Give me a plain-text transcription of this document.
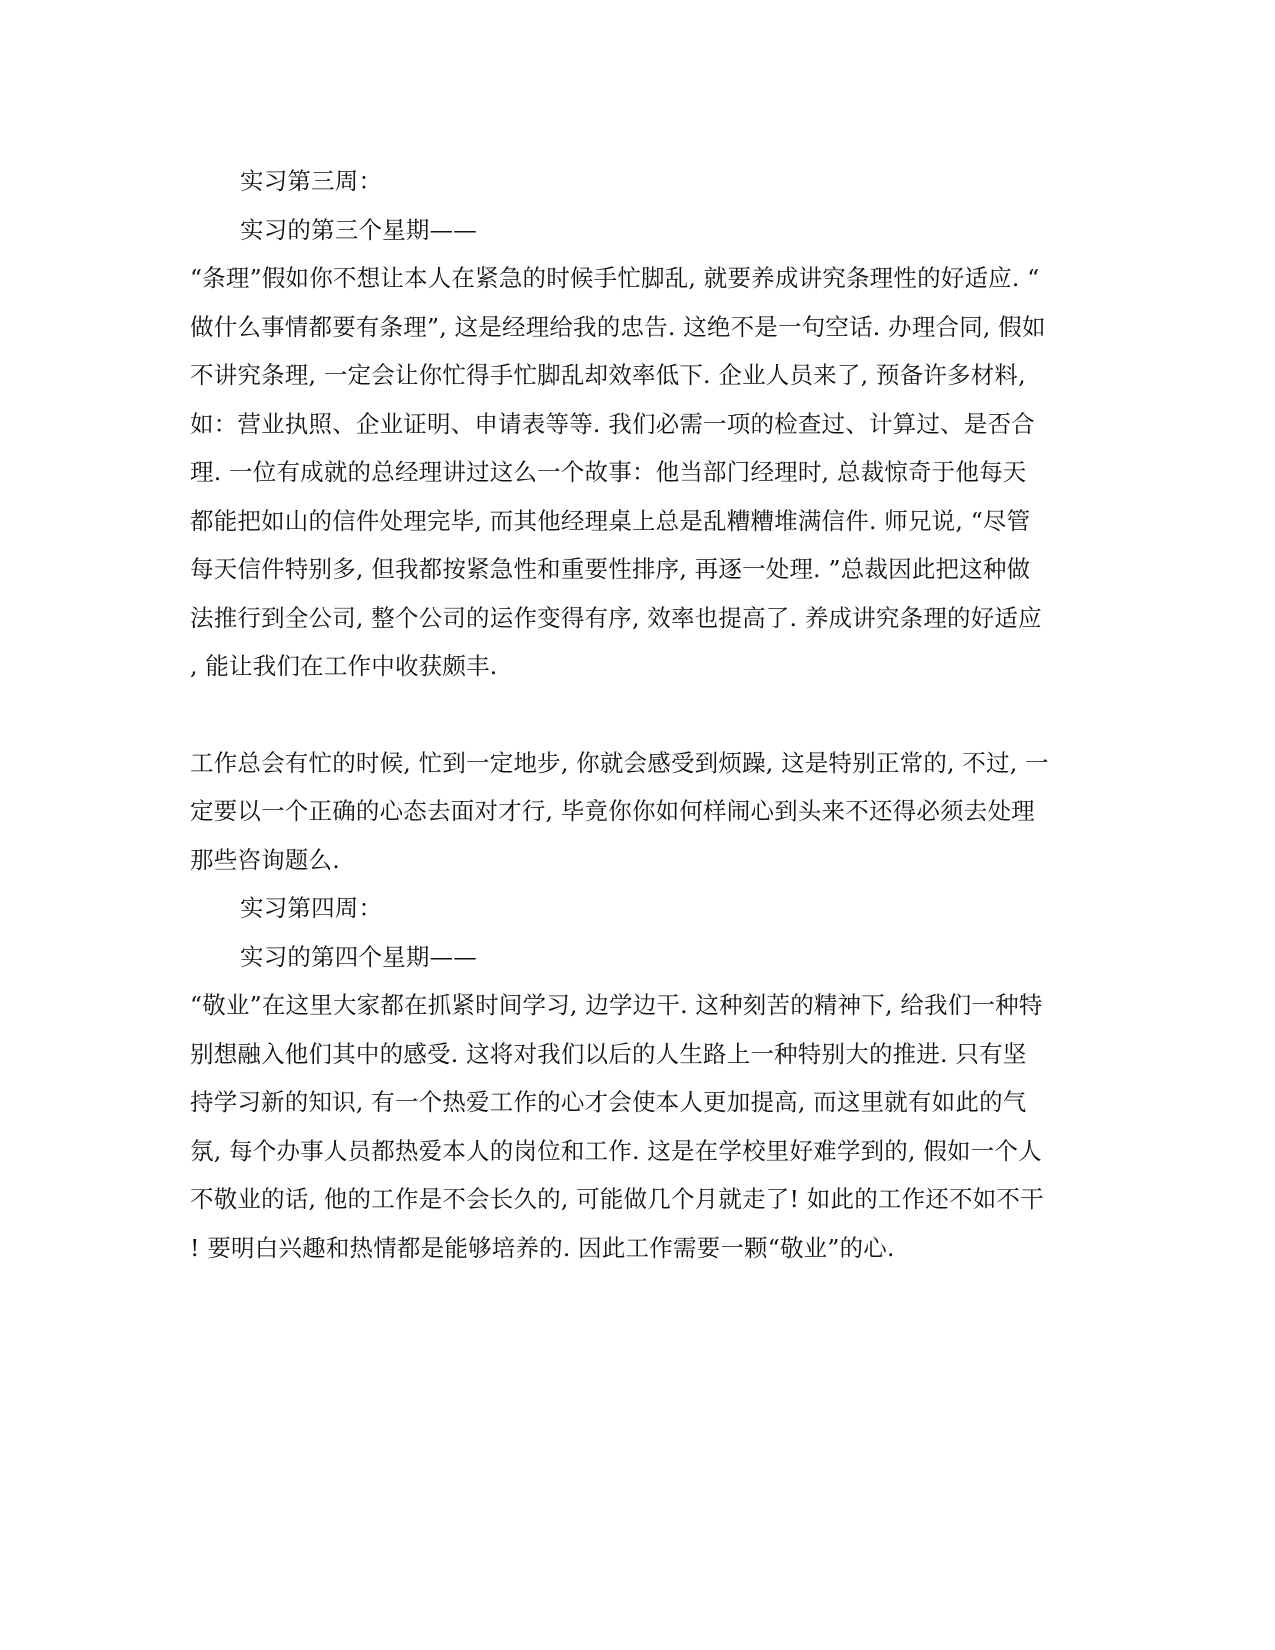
实习第三周：
实习的第三个星期——
“条理”假如你不想让本人在紧急的时候手忙脚乱, 就要养成讲究条理性的好适应. “
做什么事情都要有条理”, 这是经理给我的忠告. 这绝不是一句空话. 办理合同, 假如
不讲究条理, 一定会让你忙得手忙脚乱却效率低下. 企业人员来了, 预备许多材料,
如：营业执照、企业证明、申请表等等. 我们必需一项的检查过、计算过、是否合
理. 一位有成就的总经理讲过这么一个故事：他当部门经理时, 总裁惊奇于他每天
都能把如山的信件处理完毕, 而其他经理桌上总是乱糟糟堆满信件. 师兄说, “尽管
每天信件特别多, 但我都按紧急性和重要性排序, 再逐一处理. ”总裁因此把这种做
法推行到全公司, 整个公司的运作变得有序, 效率也提高了. 养成讲究条理的好适应
, 能让我们在工作中收获颇丰.
工作总会有忙的时候, 忙到一定地步, 你就会感受到烦躁, 这是特别正常的, 不过, 一
定要以一个正确的心态去面对才行, 毕竟你你如何样闹心到头来不还得必须去处理
那些咨询题么.
实习第四周：
实习的第四个星期——
“敬业”在这里大家都在抓紧时间学习, 边学边干. 这种刻苦的精神下, 给我们一种特
别想融入他们其中的感受. 这将对我们以后的人生路上一种特别大的推进. 只有坚
持学习新的知识, 有一个热爱工作的心才会使本人更加提高, 而这里就有如此的气
氛, 每个办事人员都热爱本人的岗位和工作. 这是在学校里好难学到的, 假如一个人
不敬业的话, 他的工作是不会长久的, 可能做几个月就走了! 如此的工作还不如不干
! 要明白兴趣和热情都是能够培养的. 因此工作需要一颗“敬业”的心.
